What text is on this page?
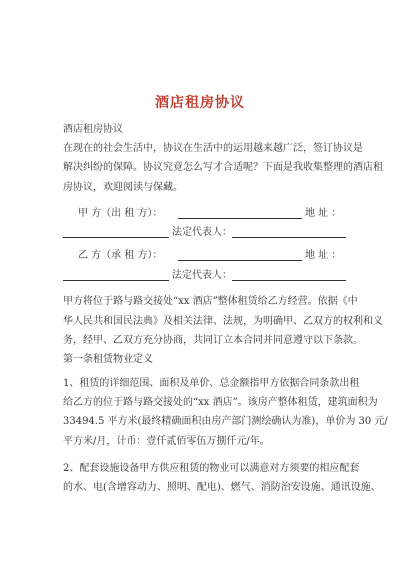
酒店租房协议
酒店租房协议
在现在的社会生活中，协议在生活中的运用越来越广泛，签订协议是
解决纠纷的保障。协议究竟怎么写才合适呢？下面是我收集整理的酒店租
房协议，欢迎阅读与保藏。
甲 方（出 租 方）：	地 址 ：
法定代表人：
乙 方（承 租 方）：	地 址 ：
法定代表人：
甲方将位于路与路交接处“xx 酒店”整体租赁给乙方经营。依据《中
华人民共和国民法典》及相关法律、法规，为明确甲、乙双方的权利和义
务，经甲、乙双方充分协商，共同订立本合同并同意遵守以下条款。
第一条租赁物业定义
1、租赁的详细范围、面积及单价、总金额指甲方依据合同条款出租
给乙方的位于路与路交接处的“xx 酒店”。该房产整体租赁，建筑面积为
33494.5 平方米(最终精确面积由房产部门测绘确认为准)，单价为 30 元/
平方米/月，计币：壹仟贰佰零伍万捌仟元/年。
2、配套设施设备甲方供应租赁的物业可以满意对方须要的相应配套
的水、电(含增容动力、照明、配电)、燃气、消防治安设施、通讯设施、
